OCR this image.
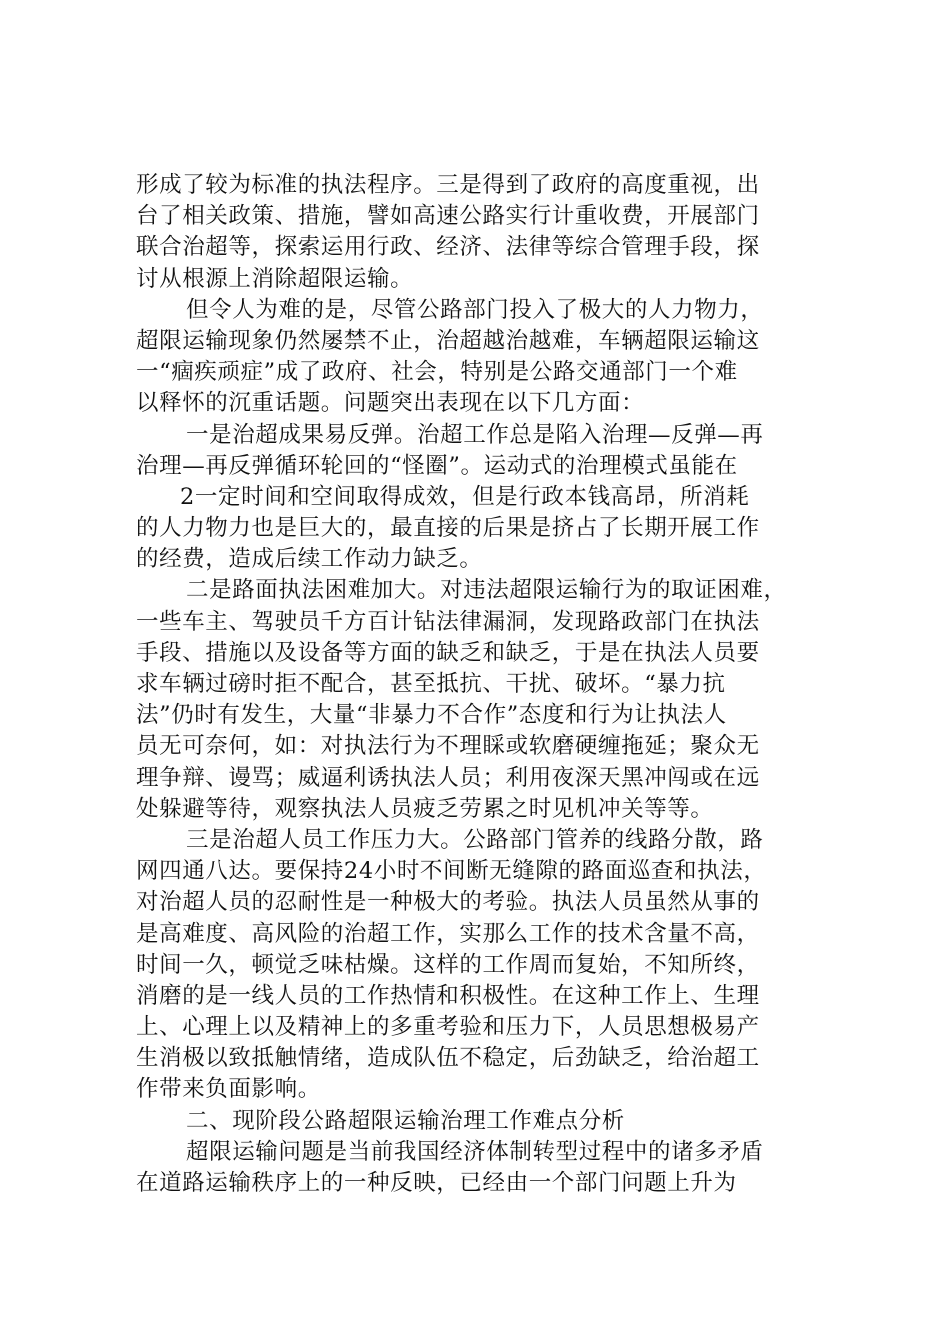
形成了较为标准的执法程序。三是得到了政府的高度重视，出
台了相关政策、措施，譬如高速公路实行计重收费，开展部门
联合治超等，探索运用行政、经济、法律等综合管理手段，探
讨从根源上消除超限运输。
但令人为难的是，尽管公路部门投入了极大的人力物力，
超限运输现象仍然屡禁不止，治超越治越难，车辆超限运输这
一“痼疾顽症”成了政府、社会，特别是公路交通部门一个难
以释怀的沉重话题。问题突出表现在以下几方面：
一是治超成果易反弹。治超工作总是陷入治理—反弹—再
治理—再反弹循环轮回的“怪圈”。运动式的治理模式虽能在
2一定时间和空间取得成效，但是行政本钱高昂，所消耗
的人力物力也是巨大的，最直接的后果是挤占了长期开展工作
的经费，造成后续工作动力缺乏。
二是路面执法困难加大。对违法超限运输行为的取证困难，
一些车主、驾驶员千方百计钻法律漏洞，发现路政部门在执法
手段、措施以及设备等方面的缺乏和缺乏，于是在执法人员要
求车辆过磅时拒不配合，甚至抵抗、干扰、破坏。“暴力抗
法”仍时有发生，大量“非暴力不合作”态度和行为让执法人
员无可奈何，如：对执法行为不理睬或软磨硬缠拖延；聚众无
理争辩、谩骂；威逼利诱执法人员；利用夜深天黑冲闯或在远
处躲避等待，观察执法人员疲乏劳累之时见机冲关等等。
三是治超人员工作压力大。公路部门管养的线路分散，路
网四通八达。要保持24小时不间断无缝隙的路面巡查和执法，
对治超人员的忍耐性是一种极大的考验。执法人员虽然从事的
是高难度、高风险的治超工作，实那么工作的技术含量不高，
时间一久，顿觉乏味枯燥。这样的工作周而复始，不知所终，
消磨的是一线人员的工作热情和积极性。在这种工作上、生理
上、心理上以及精神上的多重考验和压力下，人员思想极易产
生消极以致抵触情绪，造成队伍不稳定，后劲缺乏，给治超工
作带来负面影响。
二、现阶段公路超限运输治理工作难点分析
超限运输问题是当前我国经济体制转型过程中的诸多矛盾
在道路运输秩序上的一种反映，已经由一个部门问题上升为
